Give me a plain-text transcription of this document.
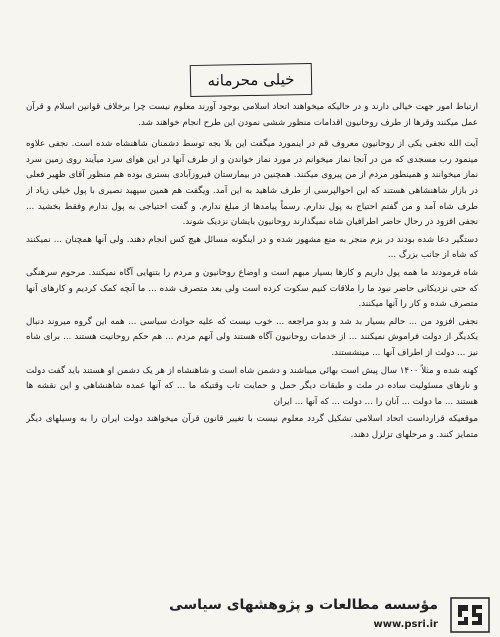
خیلی محرمانه

ارتباط امور جهت خیالی دارند و در حالیکه میخواهند اتحاد اسلامی بوجود آورند معلوم نیست چرا برخلاف قوانین اسلام و قرآن عمل میکنند وقرها از طرف روحانیون اقدامات منظور ششی نمودن این طرح انجام خواهند شد.

آیت الله نجفی یکی از روحانیون معروف قم در اینمورد میگفت این بلا بجه توسط دشمنان شاهنشاه شده است. نجفی علاوه مینمود رب مسجدی که من در آنجا نماز میخوانم در مورد نماز خواندن و از طرف آنها در این هوای سرد میآیند روی زمین سرد نماز میخوانند و همینطور مردم از من پیروی میکنند. همچنین در بیمارستان فیروزآبادی بستری بوده هم منظور آقای ظهیر فعلی در بازار شاهنشاهی هستند که این احوالپرسی از طرف شاهید به این آمد. ویگفت هم همین سپهبد نصیری با پول خیلی زیاد از طرف شاه آمد و من گفتم احتیاج به پول ندارم. رسماً پیامدها از مبلغ ندارم. و گفت احتیاجی به پول ندارم وفقط بخشید ... نجفی افزود در رحال حاضر اطرافیان شاه نمیگذارند روحانیون بایشان نزدیک شوند.

دستگیر دعا شده بودند در بزم منجر به منع مشهور شده و در اینگونه مسائل هیچ کس انجام دهند. ولی آنها همچنان ... نمیکنند که شاه از جانب بزرگ ...

شاه فرمودند ما همه پول داریم و کارها بسیار مبهم است و اوضاع روحانیون و مردم را بتنهایی آگاه نمیکنند. مرحوم سرهنگی که حتی نزدیکانی حاضر نبود ما را ملاقات کنیم سکوت کرده است ولی بعد متصرف شده ... ما آنچه کمک کردیم و کارهای آنها متصرف شده و کار را آنها میکنند.

نجفی افزود من ... حالم بسیار بد شد و بدو مراجعه ... خوب نیست که علیه حوادث سیاسی ... همه این گروه میروند دنبال یکدیگر از دولت فراموش نمیکنند ... از خدمات روحانیون آگاه هستند ولی آنهم مردم ... هم حکم روحانیت هستند ... برای شاه نیز ... دولت از اطراف آنها ... مینشستند.

کهنه شده و مثلاً ۱۴۰۰ سال پیش است بهائی میباشند و دشمن شاه است و شاهنشاه از هر یک دشمن او هستند باید گفت دولت و نارهای مسئولیت ساده در ملت و طبقات دیگر حمل و حمایت تاب وقتیکه ما ... که آنها عمده شاهنشاهی و این نقشه ها هستند ... ما دولت ... آنان را ... دولت ... که آنها ... ایران

موقعیکه قرارداست اتحاد اسلامی تشکیل گردد معلوم نیست با تغییر قانون قرآن میخواهند دولت ایران را به وسیلهای دیگر متمایز کنند. و مرحلهای تزلزل دهند.

مؤسسه مطالعات و پژوهشهای سیاسی
www.psri.ir
